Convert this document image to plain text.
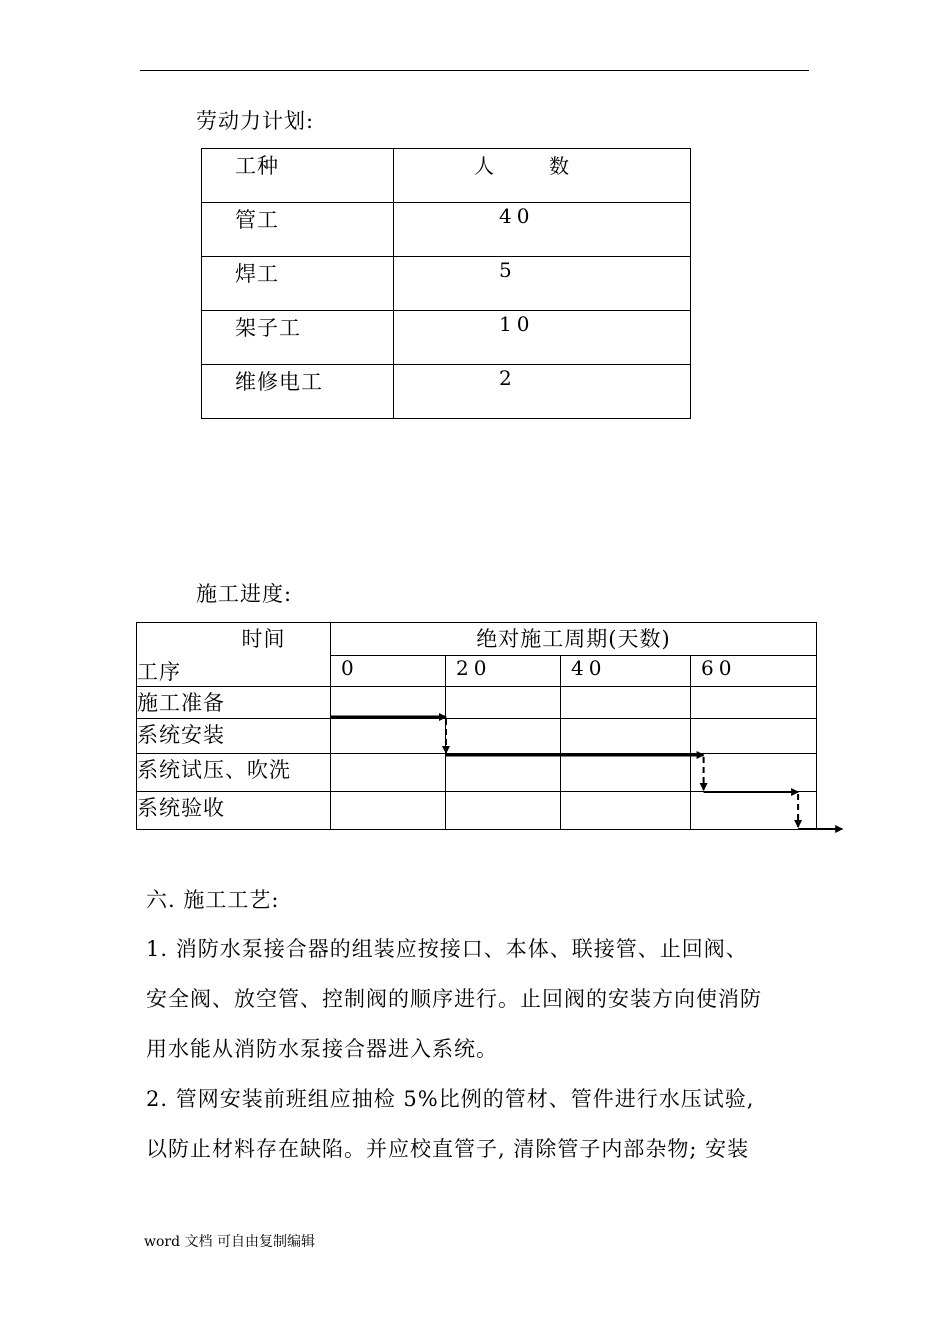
劳动力计划:
工种	人　　数
管工	40
焊工	5
架子工	10
维修电工	2
施工进度:
时间	绝对施工周期(天数)			
工序	0	20	40	60
施工准备				
系统安装				
系统试压、吹洗				
系统验收				
六. 施工工艺:
1. 消防水泵接合器的组装应按接口、本体、联接管、止回阀、
安全阀、放空管、控制阀的顺序进行。止回阀的安装方向使消防
用水能从消防水泵接合器进入系统。
2. 管网安装前班组应抽检 5%比例的管材、管件进行水压试验,
以防止材料存在缺陷。并应校直管子, 清除管子内部杂物; 安装
word 文档 可自由复制编辑
